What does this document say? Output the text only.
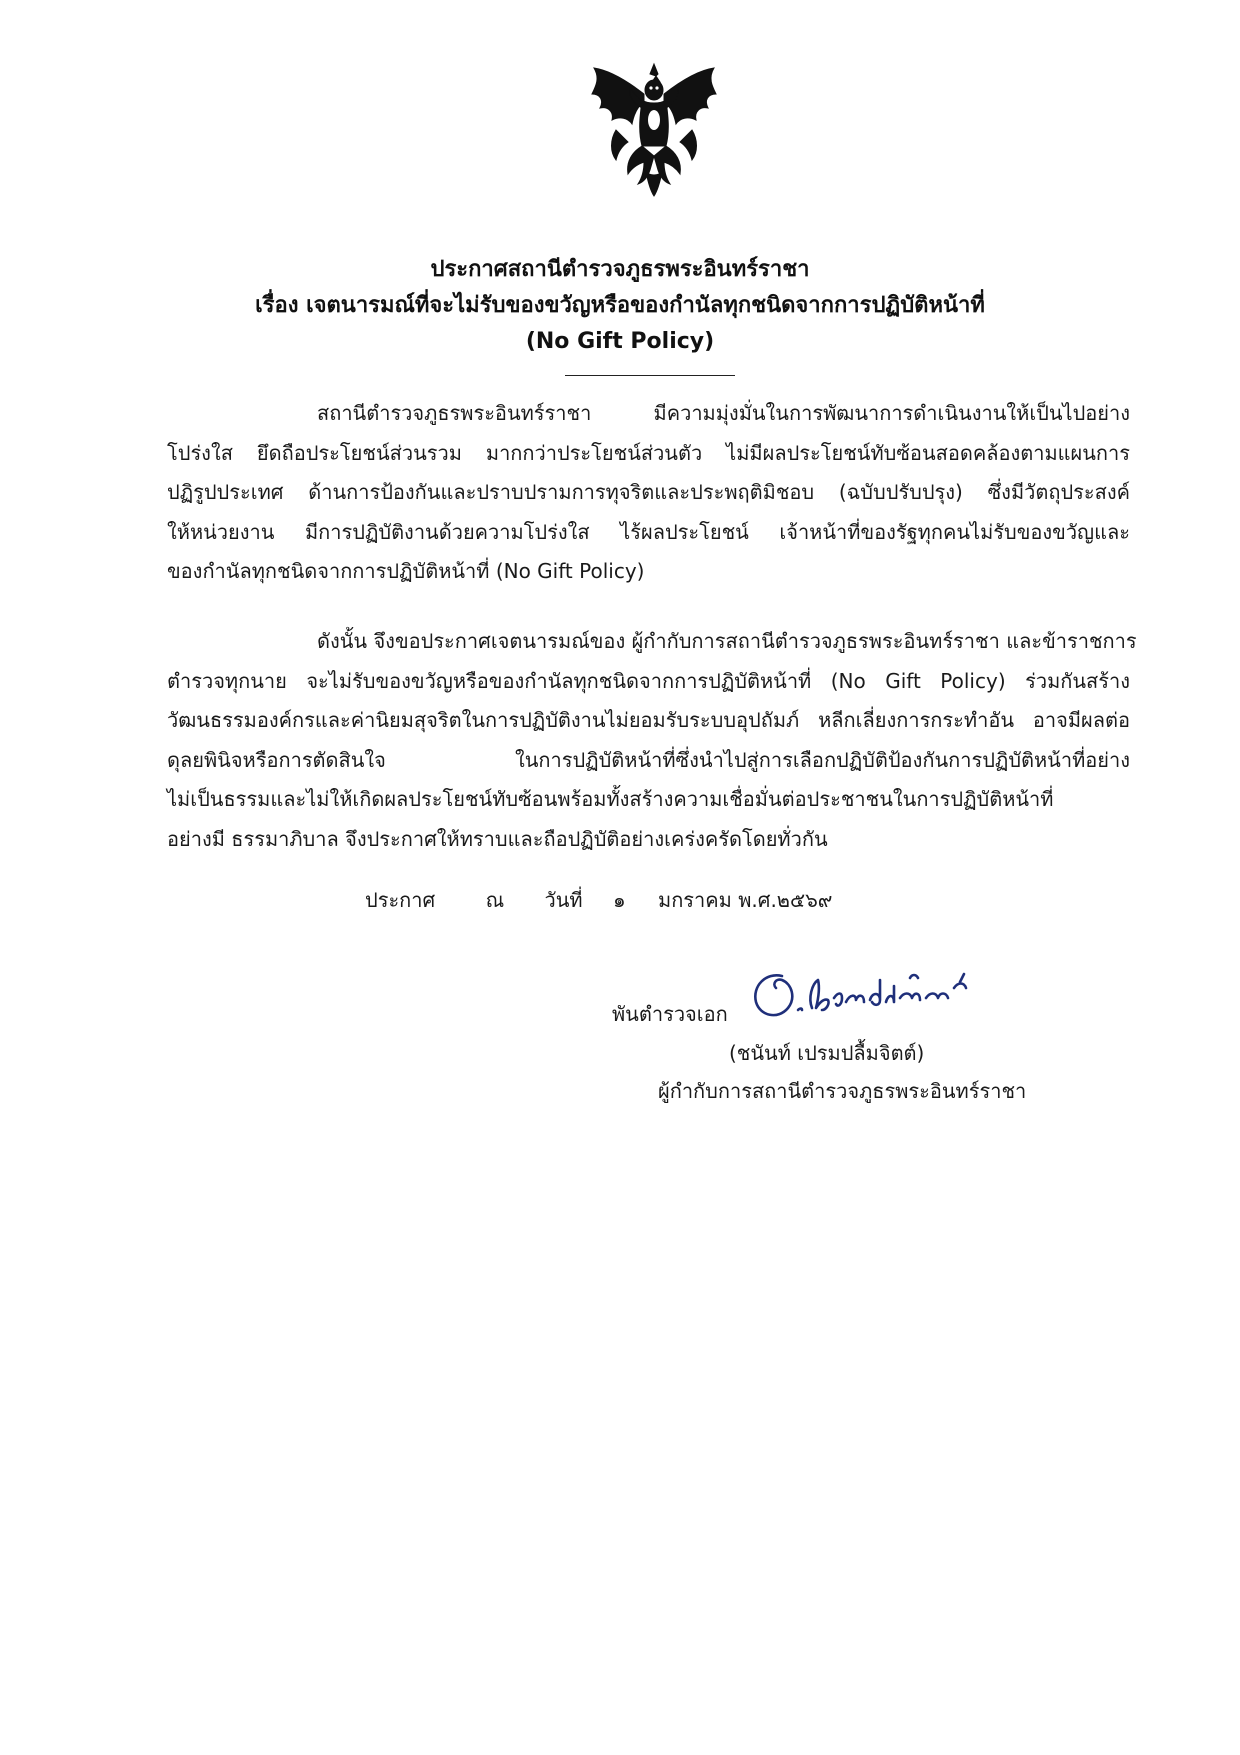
ประกาศสถานีตำรวจภูธรพระอินทร์ราชา
เรื่อง เจตนารมณ์ที่จะไม่รับของขวัญหรือของกำนัลทุกชนิดจากการปฏิบัติหน้าที่
(No Gift Policy)
สถานีตำรวจภูธรพระอินทร์ราชา มีความมุ่งมั่นในการพัฒนาการดำเนินงานให้เป็นไปอย่าง
โปร่งใส ยึดถือประโยชน์ส่วนรวม มากกว่าประโยชน์ส่วนตัว ไม่มีผลประโยชน์ทับซ้อนสอดคล้องตามแผนการ
ปฏิรูปประเทศ ด้านการป้องกันและปราบปรามการทุจริตและประพฤติมิชอบ (ฉบับปรับปรุง) ซึ่งมีวัตถุประสงค์
ให้หน่วยงาน มีการปฏิบัติงานด้วยความโปร่งใส ไร้ผลประโยชน์ เจ้าหน้าที่ของรัฐทุกคนไม่รับของขวัญและ
ของกำนัลทุกชนิดจากการปฏิบัติหน้าที่ (No Gift Policy)
ดังนั้น จึงขอประกาศเจตนารมณ์ของ ผู้กำกับการสถานีตำรวจภูธรพระอินทร์ราชา และข้าราชการ
ตำรวจทุกนาย จะไม่รับของขวัญหรือของกำนัลทุกชนิดจากการปฏิบัติหน้าที่ (No Gift Policy) ร่วมกันสร้าง
วัฒนธรรมองค์กรและค่านิยมสุจริตในการปฏิบัติงานไม่ยอมรับระบบอุปถัมภ์ หลีกเลี่ยงการกระทำอัน อาจมีผลต่อ
ดุลยพินิจหรือการตัดสินใจ ในการปฏิบัติหน้าที่ซึ่งนำไปสู่การเลือกปฏิบัติป้องกันการปฏิบัติหน้าที่อย่าง
ไม่เป็นธรรมและไม่ให้เกิดผลประโยชน์ทับซ้อนพร้อมทั้งสร้างความเชื่อมั่นต่อประชาชนในการปฏิบัติหน้าที่
อย่างมี ธรรมาภิบาล จึงประกาศให้ทราบและถือปฏิบัติอย่างเคร่งครัดโดยทั่วกัน
ประกาศ	ณ วันที่ ๑ มกราคม พ.ศ.๒๕๖๙
พันตำรวจเอก
(ชนันท์ เปรมปลื้มจิตต์)
ผู้กำกับการสถานีตำรวจภูธรพระอินทร์ราชา
